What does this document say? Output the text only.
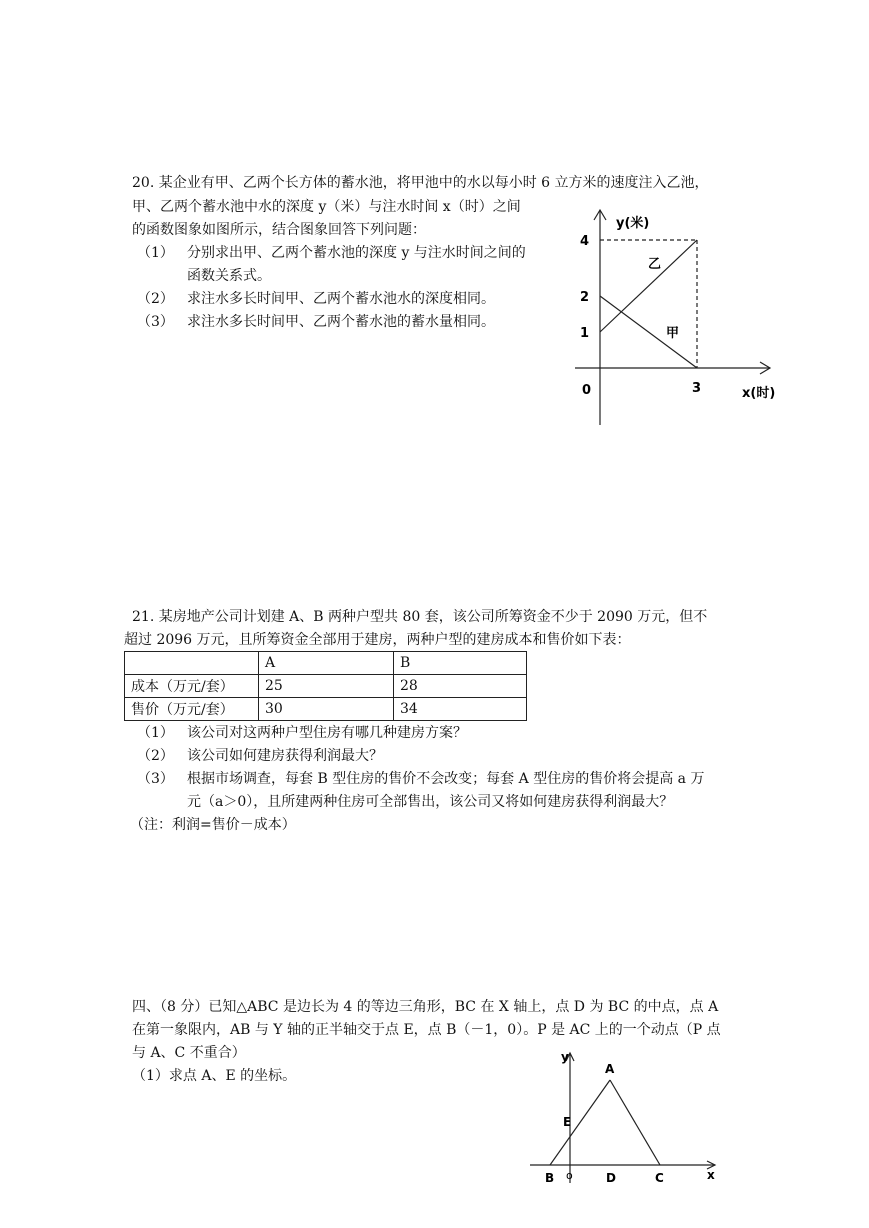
20. 某企业有甲、乙两个长方体的蓄水池，将甲池中的水以每小时 6 立方米的速度注入乙池，
甲、乙两个蓄水池中水的深度 y（米）与注水时间 x（时）之间
的函数图象如图所示，结合图象回答下列问题：
（1） 分别求出甲、乙两个蓄水池的深度 y 与注水时间之间的
函数关系式。
（2） 求注水多长时间甲、乙两个蓄水池水的深度相同。
（3） 求注水多长时间甲、乙两个蓄水池的蓄水量相同。
y(米)
4
2
1
0	3	x(时)
乙
甲
21. 某房地产公司计划建 A、B 两种户型共 80 套，该公司所筹资金不少于 2090 万元，但不
超过 2096 万元，且所筹资金全部用于建房，两种户型的建房成本和售价如下表：
	A	B
成本（万元/套）	25	28
售价（万元/套）	30	34
（1） 该公司对这两种户型住房有哪几种建房方案？
（2） 该公司如何建房获得利润最大？
（3） 根据市场调查，每套 B 型住房的售价不会改变；每套 A 型住房的售价将会提高 a 万
元（a＞0），且所建两种住房可全部售出，该公司又将如何建房获得利润最大？
（注：利润=售价－成本）
四、（8 分）已知△ABC 是边长为 4 的等边三角形，BC 在 X 轴上，点 D 为 BC 的中点，点 A
在第一象限内，AB 与 Y 轴的正半轴交于点 E，点 B（－1，0）。P 是 AC 上的一个动点（P 点
与 A、C 不重合）
（1）求点 A、E 的坐标。
y
x
A
E
B o	D	C
